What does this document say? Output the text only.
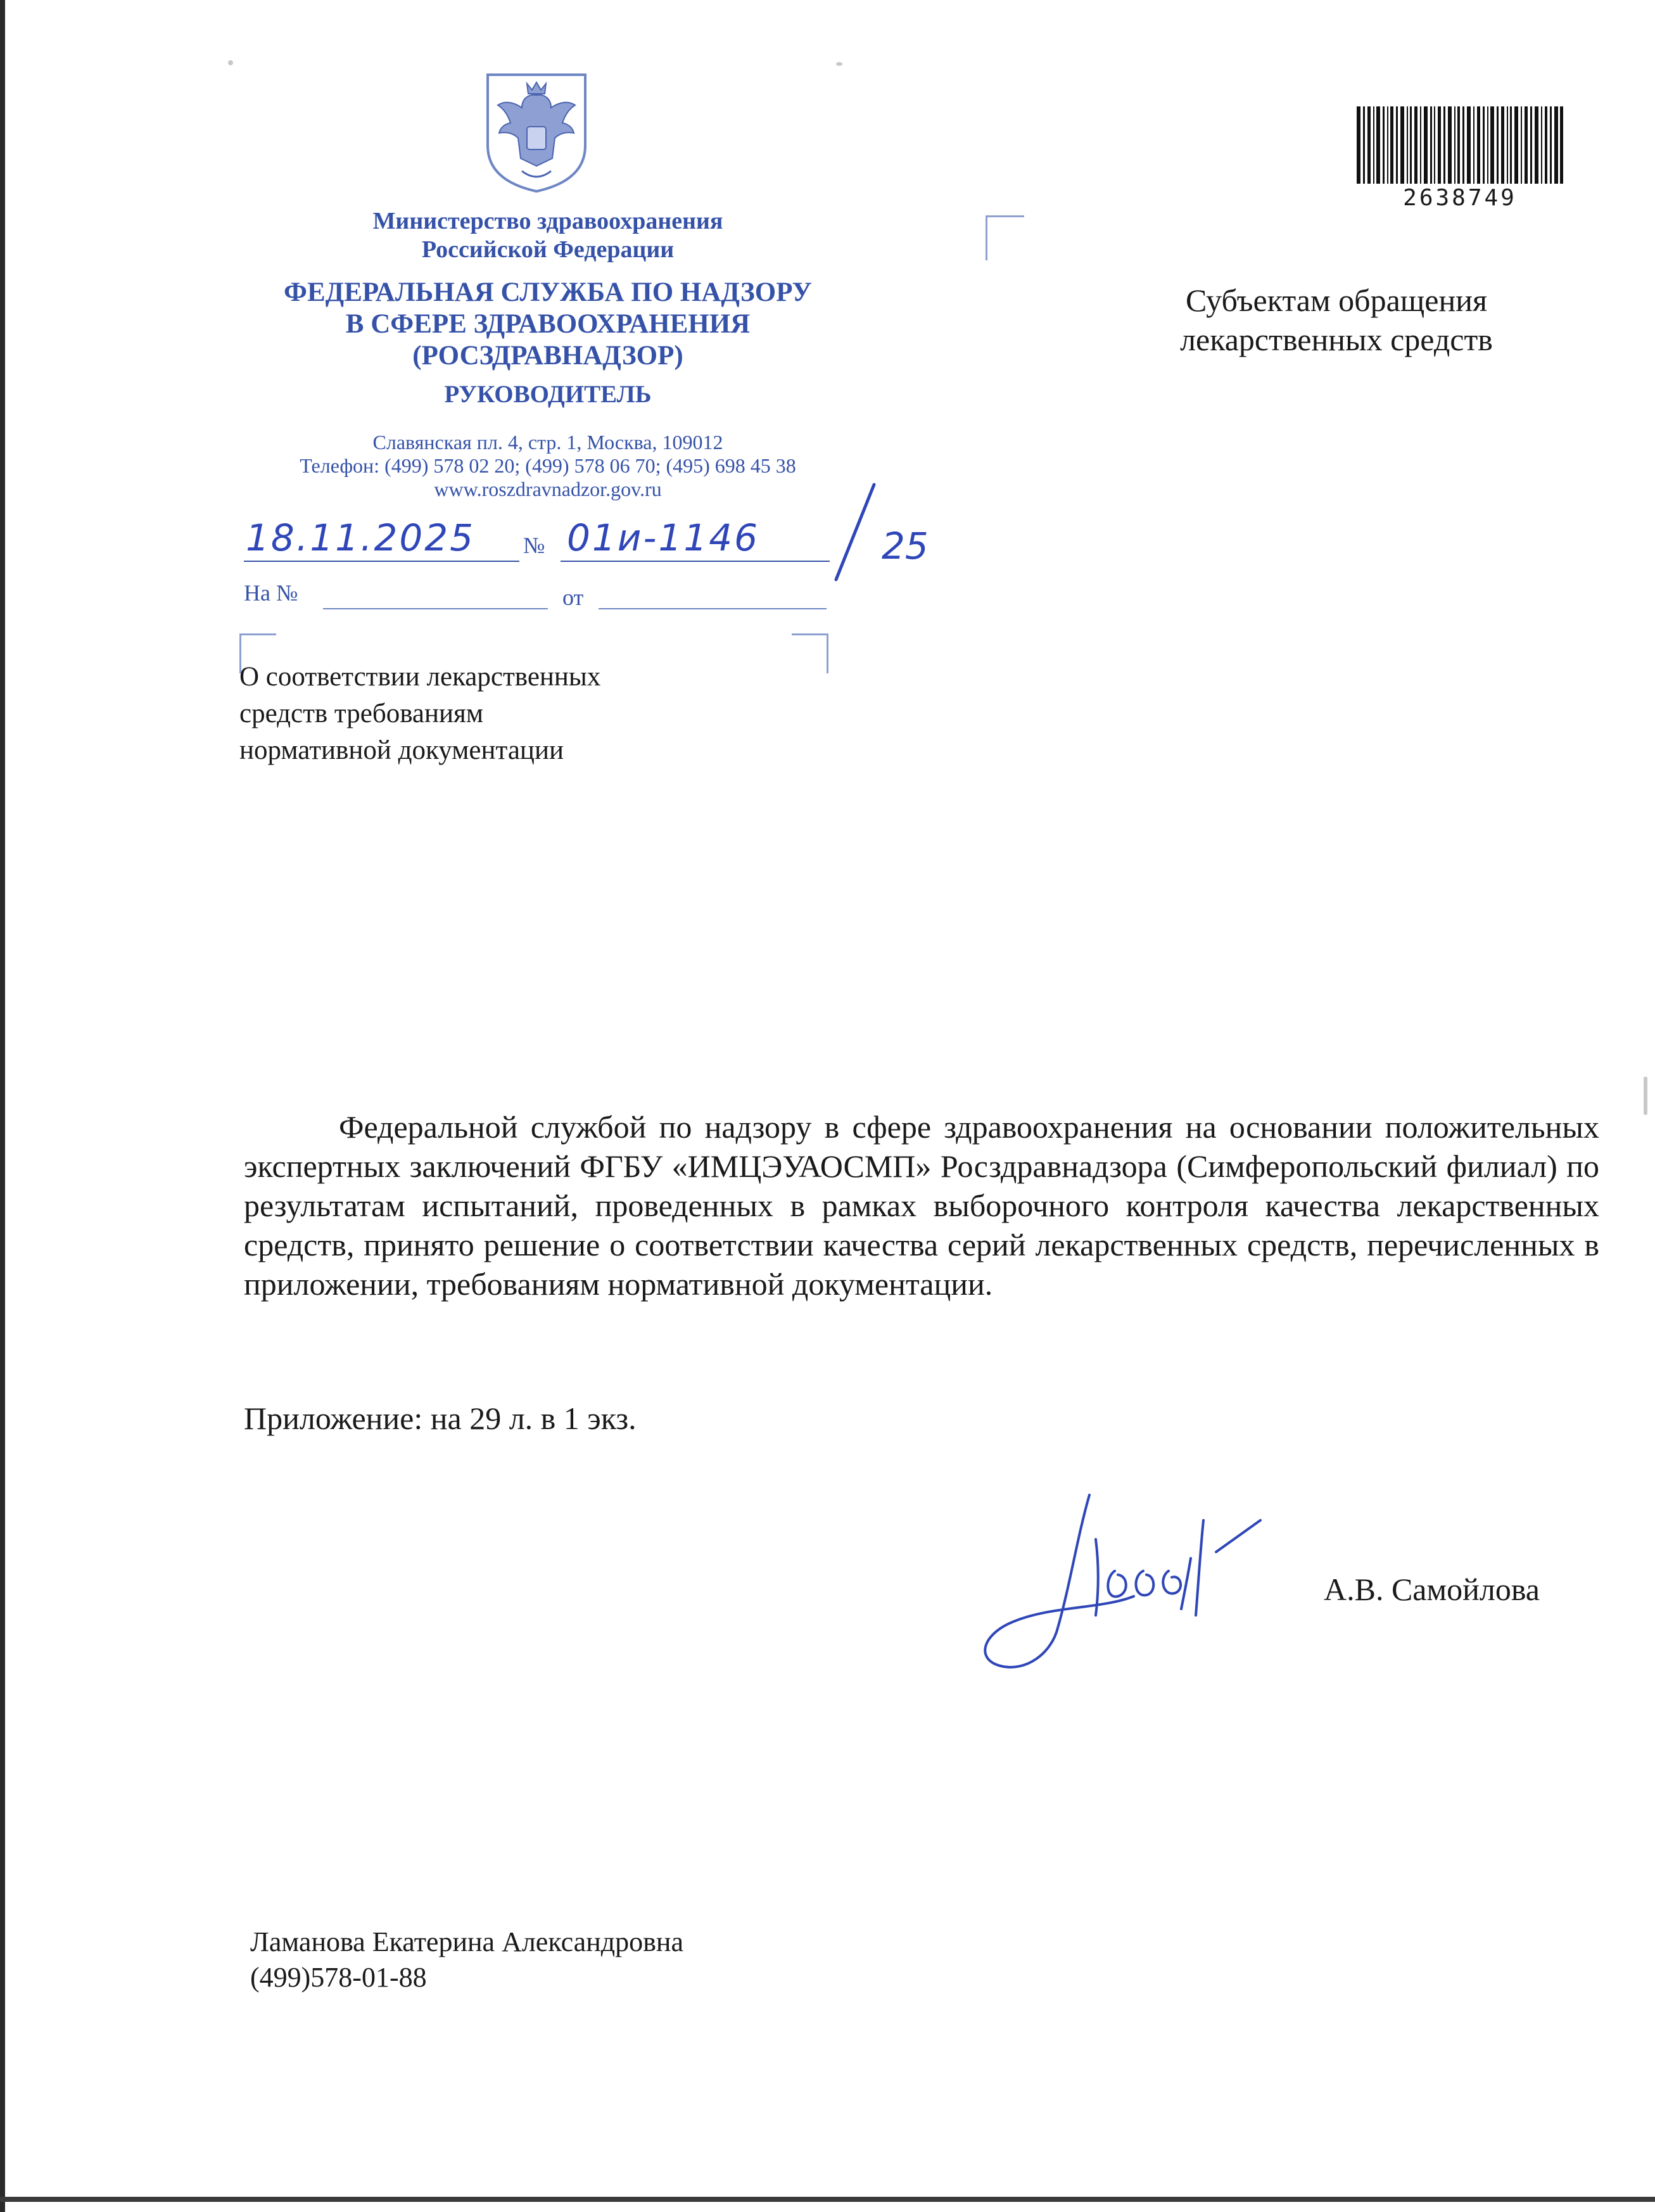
Министерство здравоохранения
Российской Федерации
ФЕДЕРАЛЬНАЯ СЛУЖБА ПО НАДЗОРУ
В СФЕРЕ ЗДРАВООХРАНЕНИЯ
(РОСЗДРАВНАДЗОР)
РУКОВОДИТЕЛЬ
Славянская пл. 4, стр. 1, Москва, 109012
Телефон: (499) 578 02 20; (499) 578 06 70; (495) 698 45 38
www.roszdravnadzor.gov.ru
2638749
Субъектам обращения
лекарственных средств
18.11.2025 № 01и-1146	25
На №	от
О соответствии лекарственных
средств требованиям
нормативной документации
Федеральной службой по надзору в сфере здравоохранения на основании положительных экспертных заключений ФГБУ «ИМЦЭУАОСМП» Росздравнадзора (Симферопольский филиал) по результатам испытаний, проведенных в рамках выборочного контроля качества лекарственных средств, принято решение о соответствии качества серий лекарственных средств, перечисленных в приложении, требованиям нормативной документации.
Приложение: на 29 л. в 1 экз.
А.В. Самойлова
Ламанова Екатерина Александровна
(499)578-01-88
